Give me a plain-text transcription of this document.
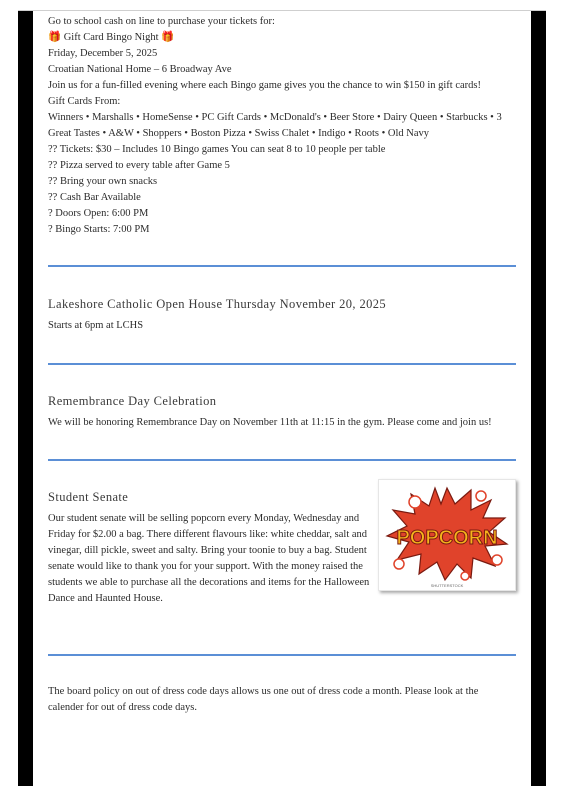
Go to school cash on line to purchase your tickets for:

🎁 Gift Card Bingo Night 🎁

Friday, December 5, 2025

Croatian National Home – 6 Broadway Ave

Join us for a fun-filled evening where each Bingo game gives you the chance to win $150 in gift cards!

Gift Cards From:

Winners • Marshalls • HomeSense • PC Gift Cards • McDonald's • Beer Store • Dairy Queen • Starbucks • 3 Great Tastes • A&W • Shoppers • Boston Pizza • Swiss Chalet • Indigo • Roots • Old Navy

?? Tickets: $30 – Includes 10 Bingo games You can seat 8 to 10 people per table

?? Pizza served to every table after Game 5

?? Bring your own snacks

?? Cash Bar Available

? Doors Open: 6:00 PM

? Bingo Starts: 7:00 PM

Lakeshore Catholic Open House Thursday November 20, 2025

Starts at 6pm at LCHS

Remembrance Day Celebration

We will be honoring Remembrance Day on November 11th at 11:15 in the gym. Please come and join us!

Student Senate

Our student senate will be selling popcorn every Monday, Wednesday and Friday for $2.00 a bag. There different flavours like: white cheddar, salt and vinegar, dill pickle, sweet and salty. Bring your toonie to buy a bag. Student senate would like to thank you for your support. With the money raised the students we able to purchase all the decorations and items for the Halloween Dance and Haunted House.

POPCORN
SHUTTERSTOCK

The board policy on out of dress code days allows us one out of dress code a month. Please look at the calender for out of dress code days.
